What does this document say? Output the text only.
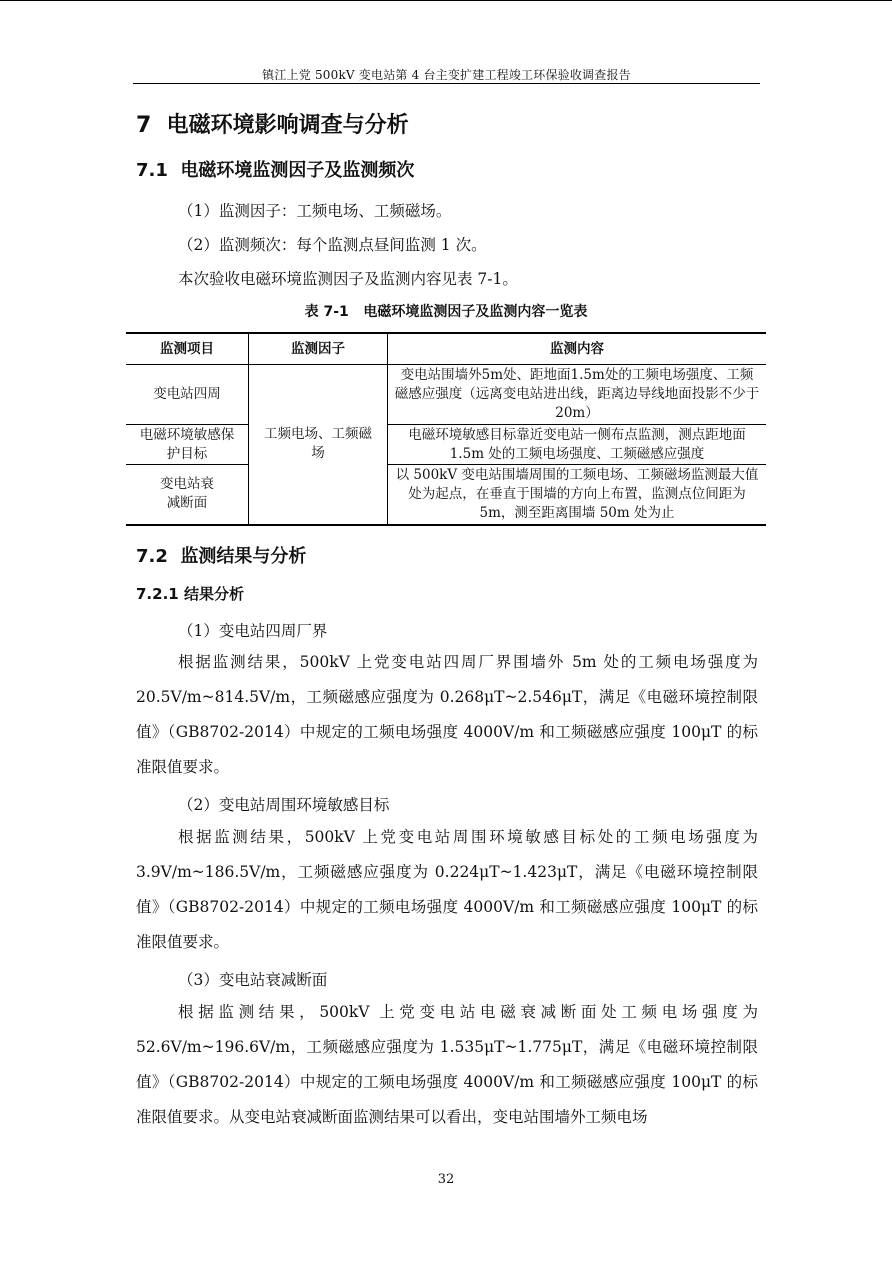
镇江上党 500kV 变电站第 4 台主变扩建工程竣工环保验收调查报告
7 电磁环境影响调查与分析
7.1 电磁环境监测因子及监测频次
（1）监测因子：工频电场、工频磁场。
（2）监测频次：每个监测点昼间监测 1 次。
本次验收电磁环境监测因子及监测内容见表 7-1。
表 7-1 电磁环境监测因子及监测内容一览表
监测项目	监测因子	监测内容
变电站四周	工频电场、工频磁场	变电站围墙外5m处、距地面1.5m处的工频电场强度、工频磁感应强度（远离变电站进出线，距离边导线地面投影不少于 20m）
电磁环境敏感保护目标		电磁环境敏感目标靠近变电站一侧布点监测，测点距地面 1.5m 处的工频电场强度、工频磁感应强度
变电站衰减断面		以 500kV 变电站围墙周围的工频电场、工频磁场监测最大值处为起点，在垂直于围墙的方向上布置，监测点位间距为 5m，测至距离围墙 50m 处为止
7.2 监测结果与分析
7.2.1 结果分析
（1）变电站四周厂界
根据监测结果，500kV 上党变电站四周厂界围墙外 5m 处的工频电场强度为 20.5V/m~814.5V/m，工频磁感应强度为 0.268μT~2.546μT，满足《电磁环境控制限值》（GB8702-2014）中规定的工频电场强度 4000V/m 和工频磁感应强度 100μT 的标准限值要求。
（2）变电站周围环境敏感目标
根据监测结果，500kV 上党变电站周围环境敏感目标处的工频电场强度为 3.9V/m~186.5V/m，工频磁感应强度为 0.224μT~1.423μT，满足《电磁环境控制限值》（GB8702-2014）中规定的工频电场强度 4000V/m 和工频磁感应强度 100μT 的标准限值要求。
（3）变电站衰减断面
根据监测结果，500kV 上党变电站电磁衰减断面处工频电场强度为 52.6V/m~196.6V/m，工频磁感应强度为 1.535μT~1.775μT，满足《电磁环境控制限值》（GB8702-2014）中规定的工频电场强度 4000V/m 和工频磁感应强度 100μT 的标准限值要求。从变电站衰减断面监测结果可以看出，变电站围墙外工频电场
32
